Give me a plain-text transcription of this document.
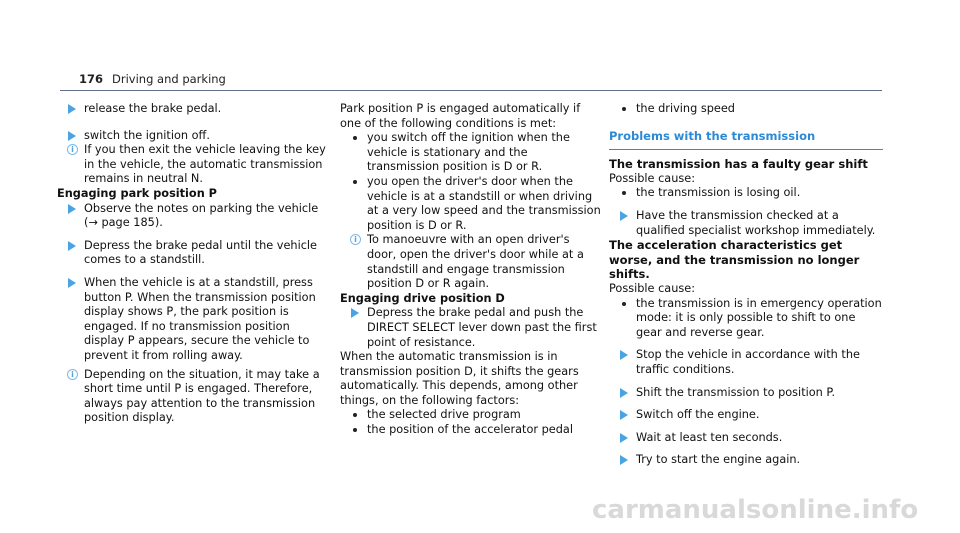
176 Driving and parking
release the brake pedal.
switch the ignition off.
i If you then exit the vehicle leaving the key in the vehicle, the automatic transmission remains in neutral N.
Engaging park position P
Observe the notes on parking the vehicle (→ page 185).
Depress the brake pedal until the vehicle comes to a standstill.
When the vehicle is at a standstill, press button P. When the transmission position display shows P, the park position is engaged. If no transmission position display P appears, secure the vehicle to prevent it from rolling away.
i Depending on the situation, it may take a short time until P is engaged. Therefore, always pay attention to the transmission position display.
Park position P is engaged automatically if one of the following conditions is met:
you switch off the ignition when the vehicle is stationary and the transmission position is D or R.
you open the driver's door when the vehicle is at a standstill or when driving at a very low speed and the transmission position is D or R.
i To manoeuvre with an open driver's door, open the driver's door while at a standstill and engage transmission position D or R again.
Engaging drive position D
Depress the brake pedal and push the DIRECT SELECT lever down past the first point of resistance.
When the automatic transmission is in transmission position D, it shifts the gears automatically. This depends, among other things, on the following factors:
the selected drive program
the position of the accelerator pedal
the driving speed
Problems with the transmission
The transmission has a faulty gear shift
Possible cause:
the transmission is losing oil.
Have the transmission checked at a qualified specialist workshop immediately.
The acceleration characteristics get worse, and the transmission no longer shifts.
Possible cause:
the transmission is in emergency operation mode: it is only possible to shift to one gear and reverse gear.
Stop the vehicle in accordance with the traffic conditions.
Shift the transmission to position P.
Switch off the engine.
Wait at least ten seconds.
Try to start the engine again.
carmanualsonline.info
